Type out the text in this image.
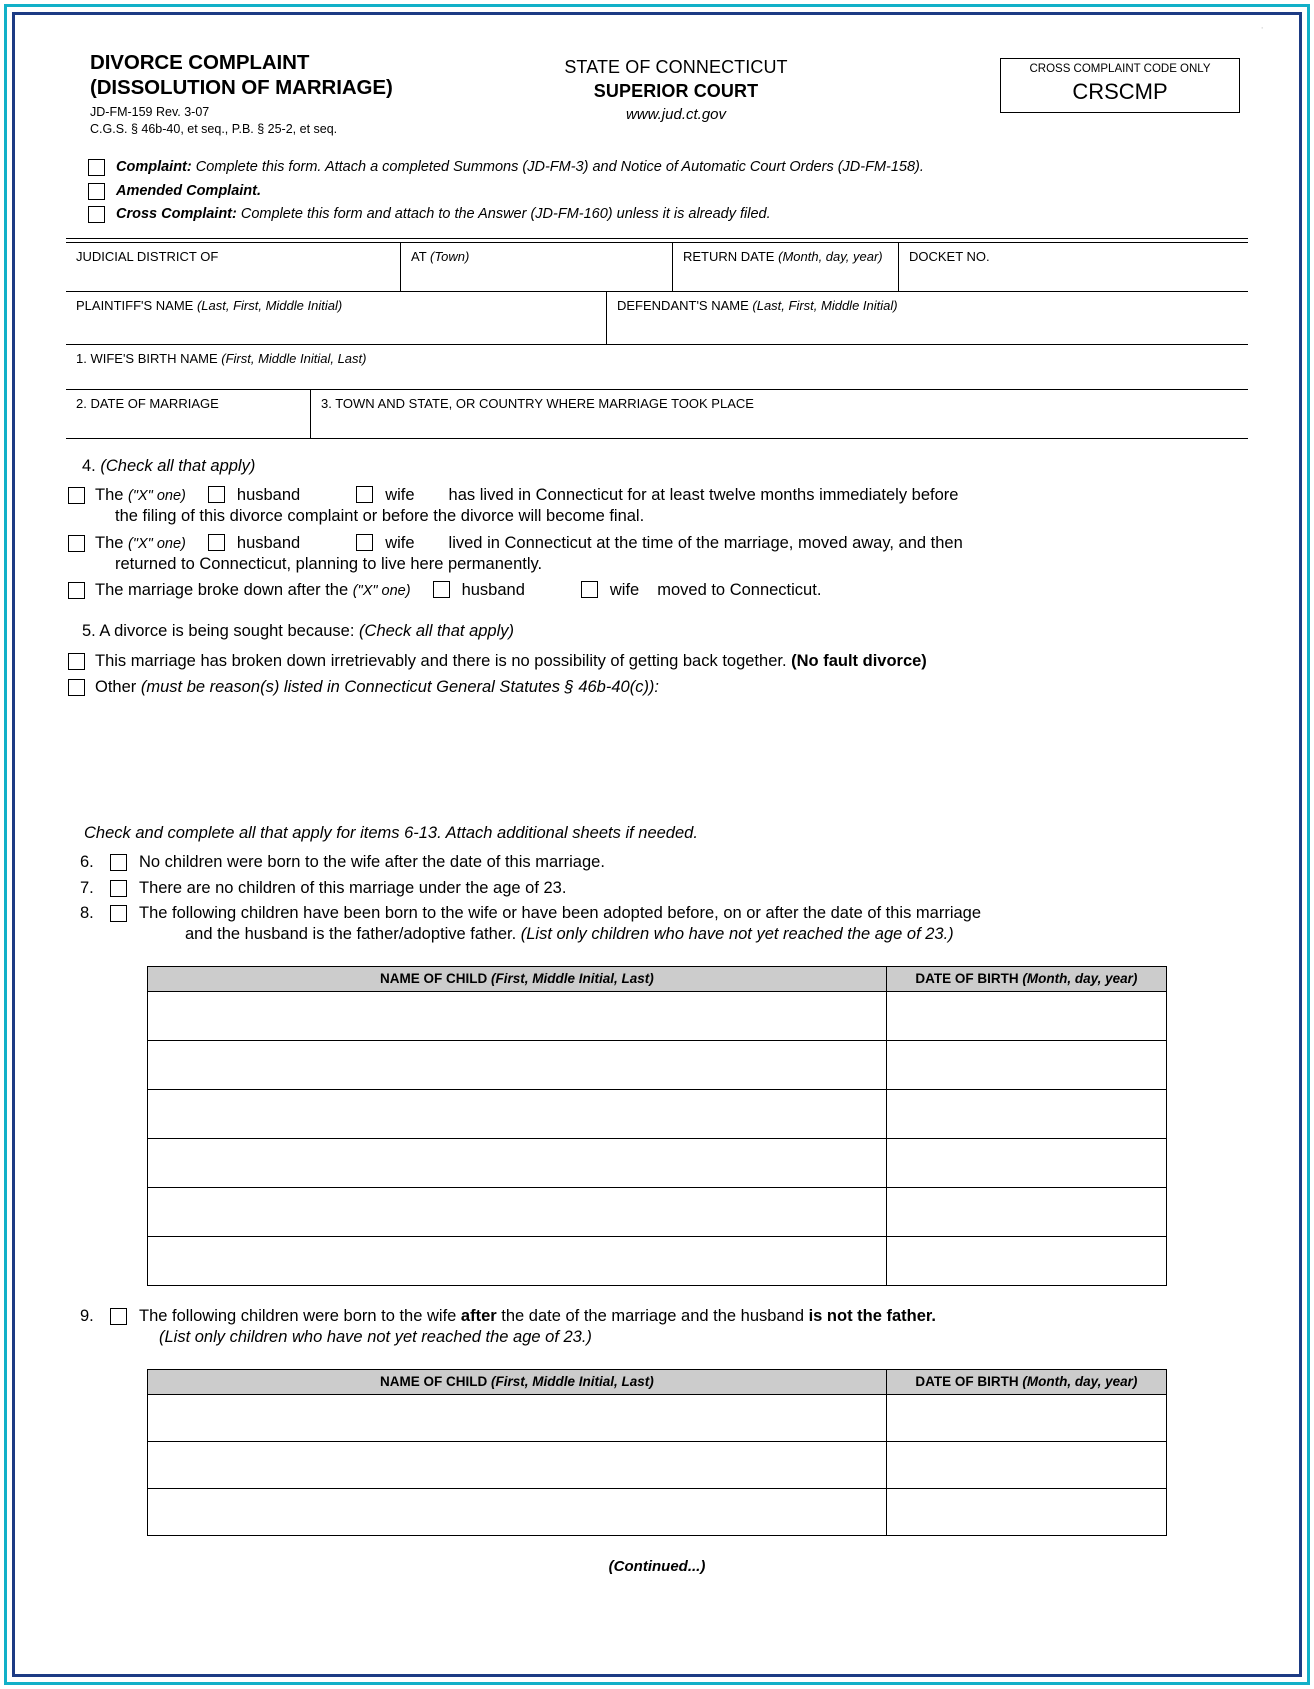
DIVORCE COMPLAINT
(DISSOLUTION OF MARRIAGE)
JD-FM-159 Rev. 3-07
C.G.S. § 46b-40, et seq., P.B. § 25-2, et seq.
STATE OF CONNECTICUT
SUPERIOR COURT
www.jud.ct.gov
CROSS COMPLAINT CODE ONLY
CRSCMP
Complaint: Complete this form. Attach a completed Summons (JD-FM-3) and Notice of Automatic Court Orders (JD-FM-158).
Amended Complaint.
Cross Complaint: Complete this form and attach to the Answer (JD-FM-160) unless it is already filed.
JUDICIAL DISTRICT OF	AT (Town)	RETURN DATE (Month, day, year)	DOCKET NO.
PLAINTIFF'S NAME (Last, First, Middle Initial)	DEFENDANT'S NAME (Last, First, Middle Initial)
1. WIFE'S BIRTH NAME (First, Middle Initial, Last)
2. DATE OF MARRIAGE	3. TOWN AND STATE, OR COUNTRY WHERE MARRIAGE TOOK PLACE
4. (Check all that apply)
The ("X" one)	husband	wife has lived in Connecticut for at least twelve months immediately before
the filing of this divorce complaint or before the divorce will become final.
The ("X" one)	husband	wife lived in Connecticut at the time of the marriage, moved away, and then
returned to Connecticut, planning to live here permanently.
The marriage broke down after the ("X" one)	husband	wife moved to Connecticut.
5. A divorce is being sought because: (Check all that apply)
This marriage has broken down irretrievably and there is no possibility of getting back together. (No fault divorce)
Other (must be reason(s) listed in Connecticut General Statutes § 46b-40(c)):
·
Check and complete all that apply for items 6-13. Attach additional sheets if needed.
6.	No children were born to the wife after the date of this marriage.
7.	There are no children of this marriage under the age of 23.
8.	The following children have been born to the wife or have been adopted before, on or after the date of this marriage
and the husband is the father/adoptive father. (List only children who have not yet reached the age of 23.)
NAME OF CHILD (First, Middle Initial, Last)	DATE OF BIRTH (Month, day, year)

9.	The following children were born to the wife after the date of the marriage and the husband is not the father.
(List only children who have not yet reached the age of 23.)
NAME OF CHILD (First, Middle Initial, Last)	DATE OF BIRTH (Month, day, year)

(Continued...)
